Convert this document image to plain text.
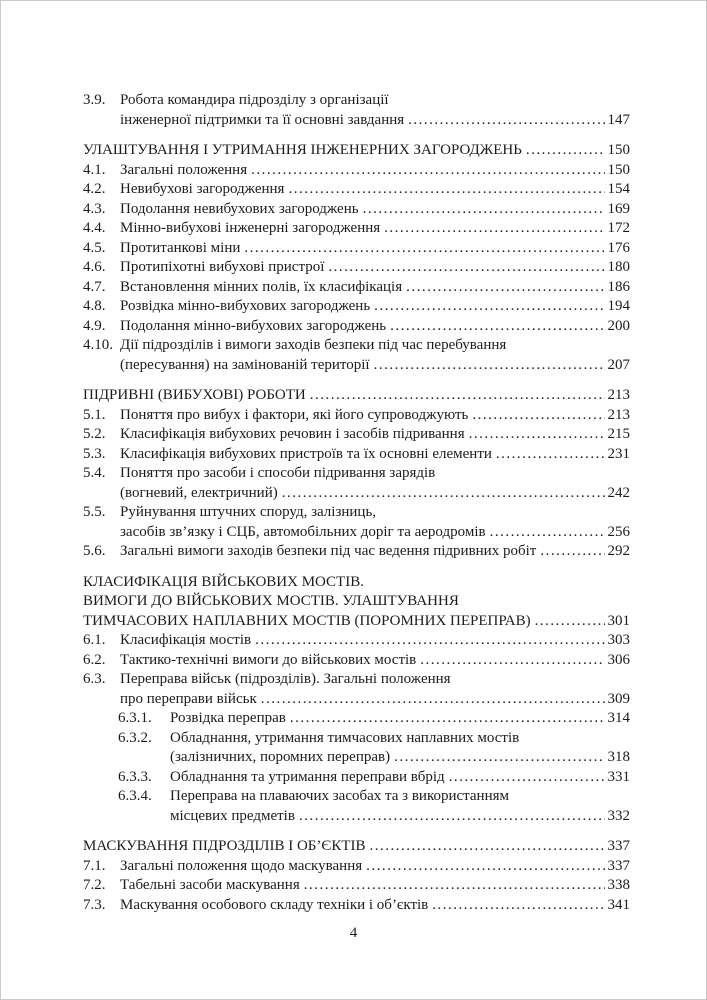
3.9. Робота командира підрозділу з організації
інженерної підтримки та її основні завдання .....	147
УЛАШТУВАННЯ І УТРИМАННЯ ІНЖЕНЕРНИХ ЗАГОРОДЖЕНЬ .....	150
4.1. Загальні положення .....	150
4.2. Невибухові загородження .....	154
4.3. Подолання невибухових загороджень .....	169
4.4. Мінно-вибухові інженерні загородження .....	172
4.5. Протитанкові міни .....	176
4.6. Протипіхотні вибухові пристрої .....	180
4.7. Встановлення мінних полів, їх класифікація .....	186
4.8. Розвідка мінно-вибухових загороджень .....	194
4.9. Подолання мінно-вибухових загороджень .....	200
4.10. Дії підрозділів і вимоги заходів безпеки під час перебування
(пересування) на замінованій території .....	207
ПІДРИВНІ (ВИБУХОВІ) РОБОТИ .....	213
5.1. Поняття про вибух і фактори, які його супроводжують .....	213
5.2. Класифікація вибухових речовин і засобів підривання .....	215
5.3. Класифікація вибухових пристроїв та їх основні елементи .....	231
5.4. Поняття про засоби і способи підривання зарядів
(вогневий, електричний) .....	242
5.5. Руйнування штучних споруд, залізниць,
засобів зв’язку і СЦБ, автомобільних доріг та аеродромів .....	256
5.6. Загальні вимоги заходів безпеки під час ведення підривних робіт .....	292
КЛАСИФІКАЦІЯ ВІЙСЬКОВИХ МОСТІВ.
ВИМОГИ ДО ВІЙСЬКОВИХ МОСТІВ. УЛАШТУВАННЯ
ТИМЧАСОВИХ НАПЛАВНИХ МОСТІВ (ПОРОМНИХ ПЕРЕПРАВ) .....	301
6.1. Класифікація мостів .....	303
6.2. Тактико-технічні вимоги до військових мостів .....	306
6.3. Переправа військ (підрозділів). Загальні положення
про переправи військ .....	309
6.3.1.	Розвідка переправ .....	314
6.3.2.	Обладнання, утримання тимчасових наплавних мостів
(залізничних, поромних переправ) .....	318
6.3.3.	Обладнання та утримання переправи вбрід .....	331
6.3.4.	Переправа на плаваючих засобах та з використанням
місцевих предметів .....	332
МАСКУВАННЯ ПІДРОЗДІЛІВ І ОБ’ЄКТІВ .....	337
7.1. Загальні положення щодо маскування .....	337
7.2. Табельні засоби маскування .....	338
7.3. Маскування особового складу техніки і об’єктів .....	341
4
